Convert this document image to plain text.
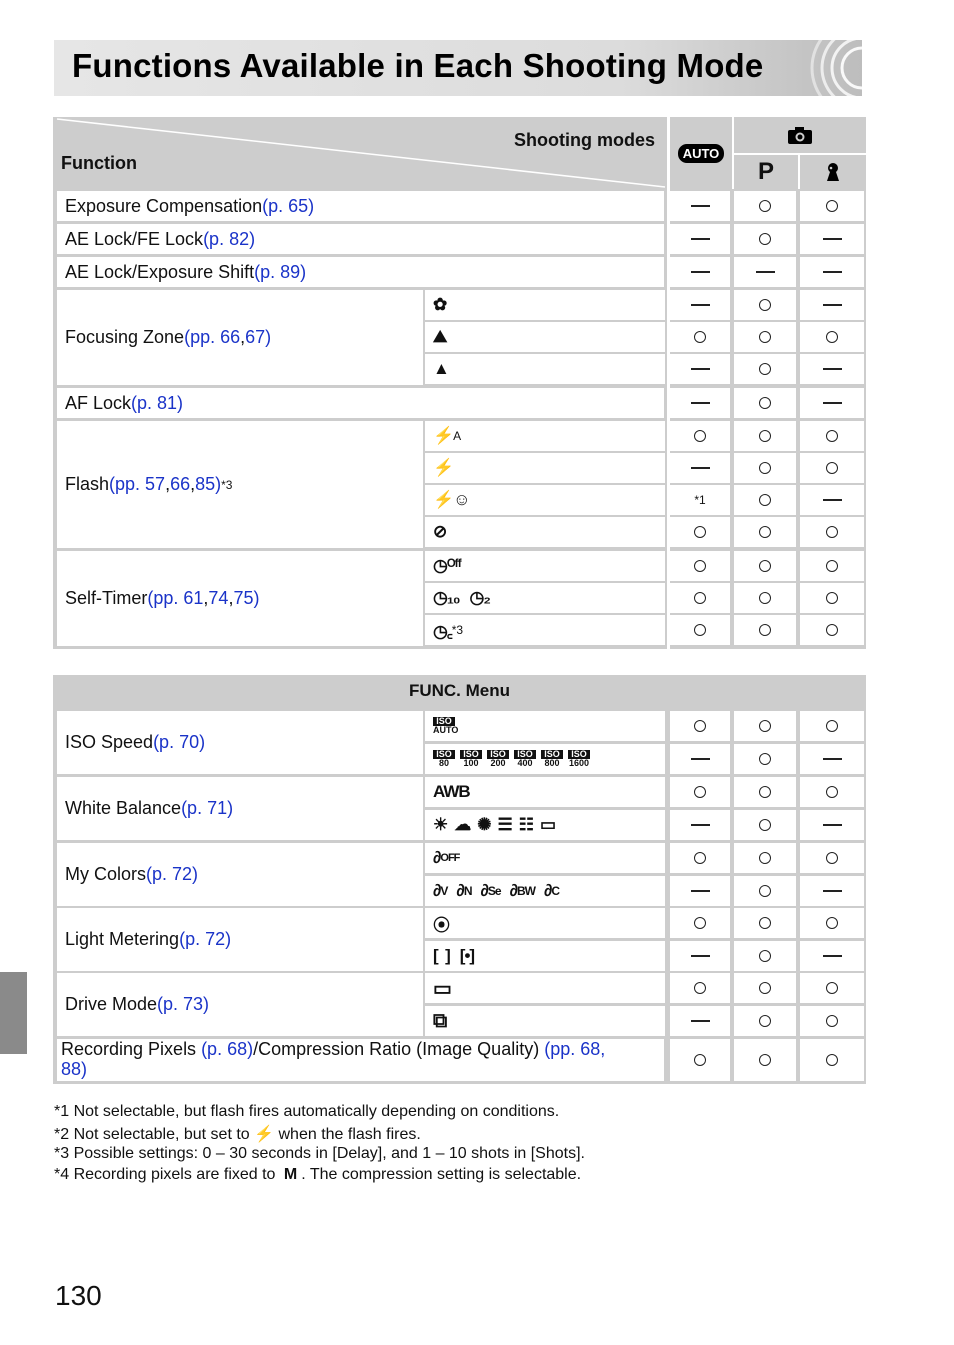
Functions Available in Each Shooting Mode
Shooting modes
Function	AUTO
P
Exposure Compensation (p. 65)
AE Lock/FE Lock (p. 82)
AE Lock/Exposure Shift (p. 89)
Focusing Zone (pp. 66 , 67)
✿
⛰
▲
AF Lock (p. 81)
Flash (pp. 57 , 66 , 85) *3
⚡ A
⚡
⚡☺	*1
⊘
Self-Timer (pp. 61 , 74 , 75)
◷ᴼᶠᶠ
◷₁₀
◷₂
◷꜀ *3
FUNC. Menu
ISO Speed (p. 70)
ISO
AUTO
ISO
80
ISO
100
ISO
200
ISO
400
ISO
800
ISO
1600
White Balance (p. 71)
AWB
☀☁✺☰☷▭
My Colors (p. 72)
∂ OFF
∂ V ∂ N ∂ Se ∂ BW ∂ C
Light Metering (p. 72)
⦿
[  ]
[•]
Drive Mode (p. 73)
▭
⧉
Recording Pixels (p. 68)/Compression Ratio (Image Quality) (pp. 68,
88)
*1 Not selectable, but flash fires automatically depending on conditions.
*2 Not selectable, but set to ⚡ when the flash fires.
*3 Possible settings: 0 – 30 seconds in [Delay], and 1 – 10 shots in [Shots].
*4 Recording pixels are fixed to M . The compression setting is selectable.
130
